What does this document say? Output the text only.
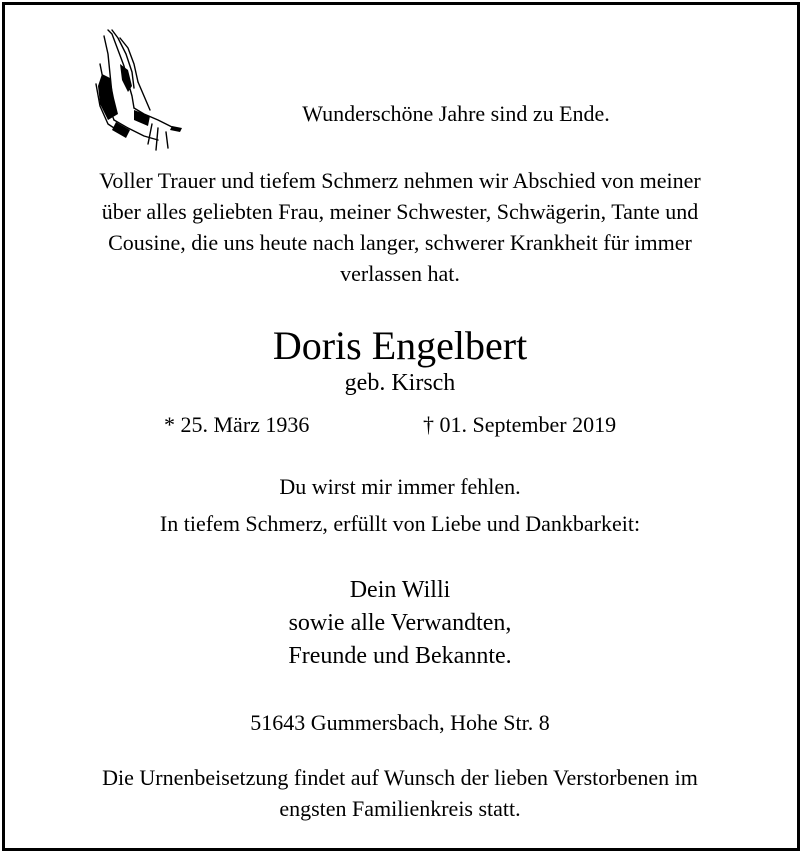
Wunderschöne Jahre sind zu Ende.
Voller Trauer und tiefem Schmerz nehmen wir Abschied von meiner
über alles geliebten Frau, meiner Schwester, Schwägerin, Tante und
Cousine, die uns heute nach langer, schwerer Krankheit für immer
verlassen hat.
Doris Engelbert
geb. Kirsch
* 25. März 1936	† 01. September 2019
Du wirst mir immer fehlen.
In tiefem Schmerz, erfüllt von Liebe und Dankbarkeit:
Dein Willi
sowie alle Verwandten,
Freunde und Bekannte.
51643 Gummersbach, Hohe Str. 8
Die Urnenbeisetzung findet auf Wunsch der lieben Verstorbenen im
engsten Familienkreis statt.
